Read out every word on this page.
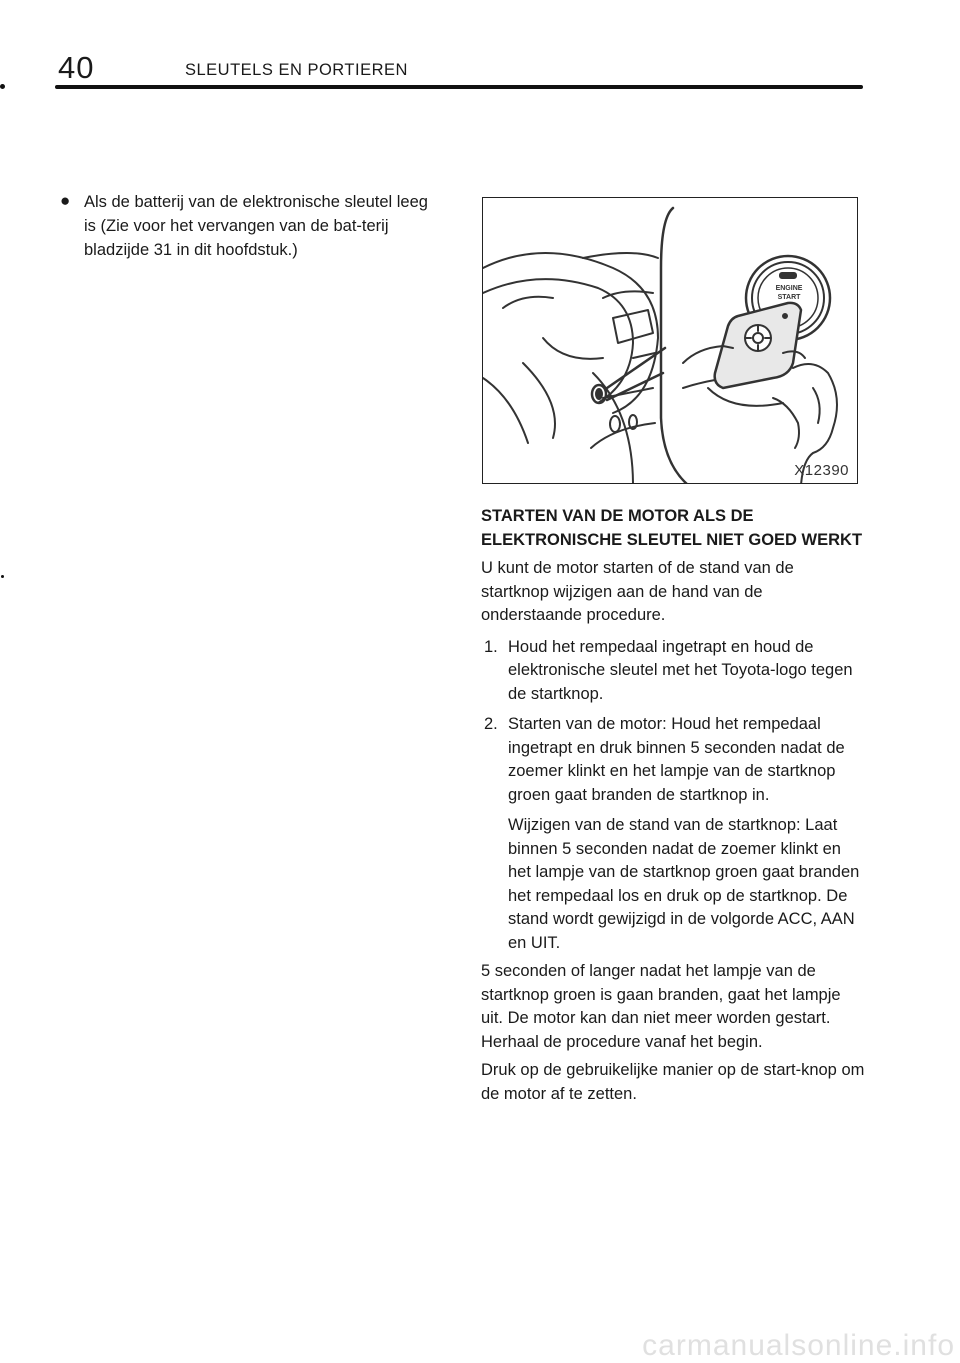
40	SLEUTELS EN PORTIEREN
● Als de batterij van de elektronische sleutel leeg is (Zie voor het vervangen van de bat-terij bladzijde 31 in dit hoofdstuk.)
ENGINE
START
X12390
STARTEN VAN DE MOTOR ALS DE ELEKTRONISCHE SLEUTEL NIET GOED WERKT
U kunt de motor starten of de stand van de startknop wijzigen aan de hand van de onderstaande procedure.
1. Houd het rempedaal ingetrapt en houd de elektronische sleutel met het Toyota‑logo tegen de startknop.
2. Starten van de motor: Houd het rempedaal ingetrapt en druk binnen 5 seconden nadat de zoemer klinkt en het lampje van de startknop groen gaat branden de startknop in.
Wijzigen van de stand van de startknop: Laat binnen 5 seconden nadat de zoemer klinkt en het lampje van de startknop groen gaat branden het rempedaal los en druk op de startknop. De stand wordt gewijzigd in de volgorde ACC, AAN en UIT.
5 seconden of langer nadat het lampje van de startknop groen is gaan branden, gaat het lampje uit. De motor kan dan niet meer worden gestart. Herhaal de procedure vanaf het begin.
Druk op de gebruikelijke manier op de start-knop om de motor af te zetten.
carmanualsonline.info
